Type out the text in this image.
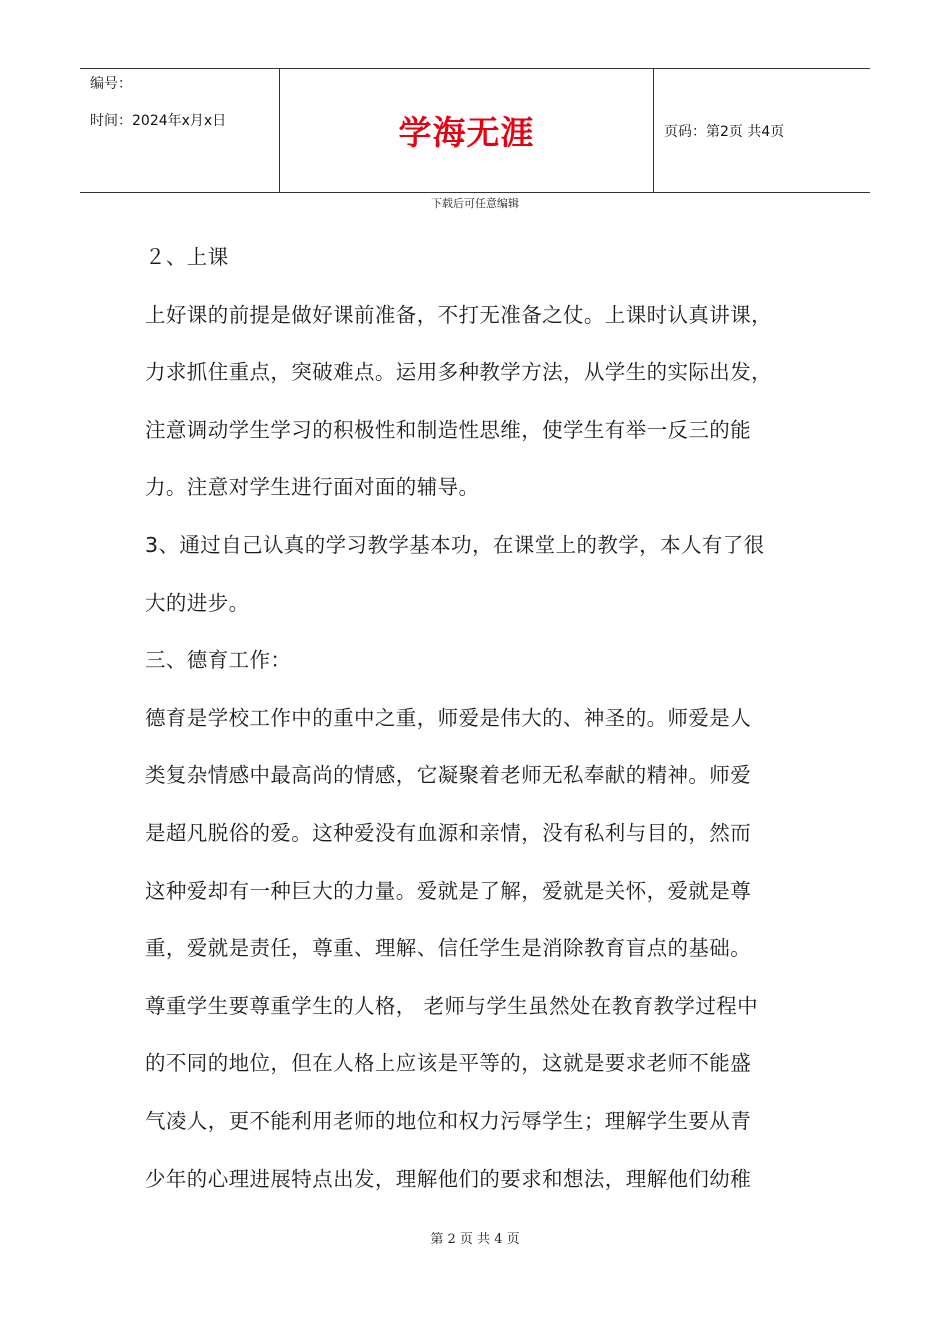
编号：
时间：2024年x月x日	学海无涯	页码：第2页 共4页
下载后可任意编辑
２、上课
上好课的前提是做好课前准备，不打无准备之仗。上课时认真讲课，
力求抓住重点，突破难点。运用多种教学方法，从学生的实际出发，
注意调动学生学习的积极性和制造性思维，使学生有举一反三的能
力。注意对学生进行面对面的辅导。
3、通过自己认真的学习教学基本功，在课堂上的教学，本人有了很
大的进步。
三、德育工作：
德育是学校工作中的重中之重，师爱是伟大的、神圣的。师爱是人
类复杂情感中最高尚的情感，它凝聚着老师无私奉献的精神。师爱
是超凡脱俗的爱。这种爱没有血源和亲情，没有私利与目的，然而
这种爱却有一种巨大的力量。爱就是了解，爱就是关怀，爱就是尊
重，爱就是责任，尊重、理解、信任学生是消除教育盲点的基础。
尊重学生要尊重学生的人格， 老师与学生虽然处在教育教学过程中
的不同的地位，但在人格上应该是平等的，这就是要求老师不能盛
气凌人，更不能利用老师的地位和权力污辱学生；理解学生要从青
少年的心理进展特点出发，理解他们的要求和想法，理解他们幼稚
第 2 页 共 4 页
